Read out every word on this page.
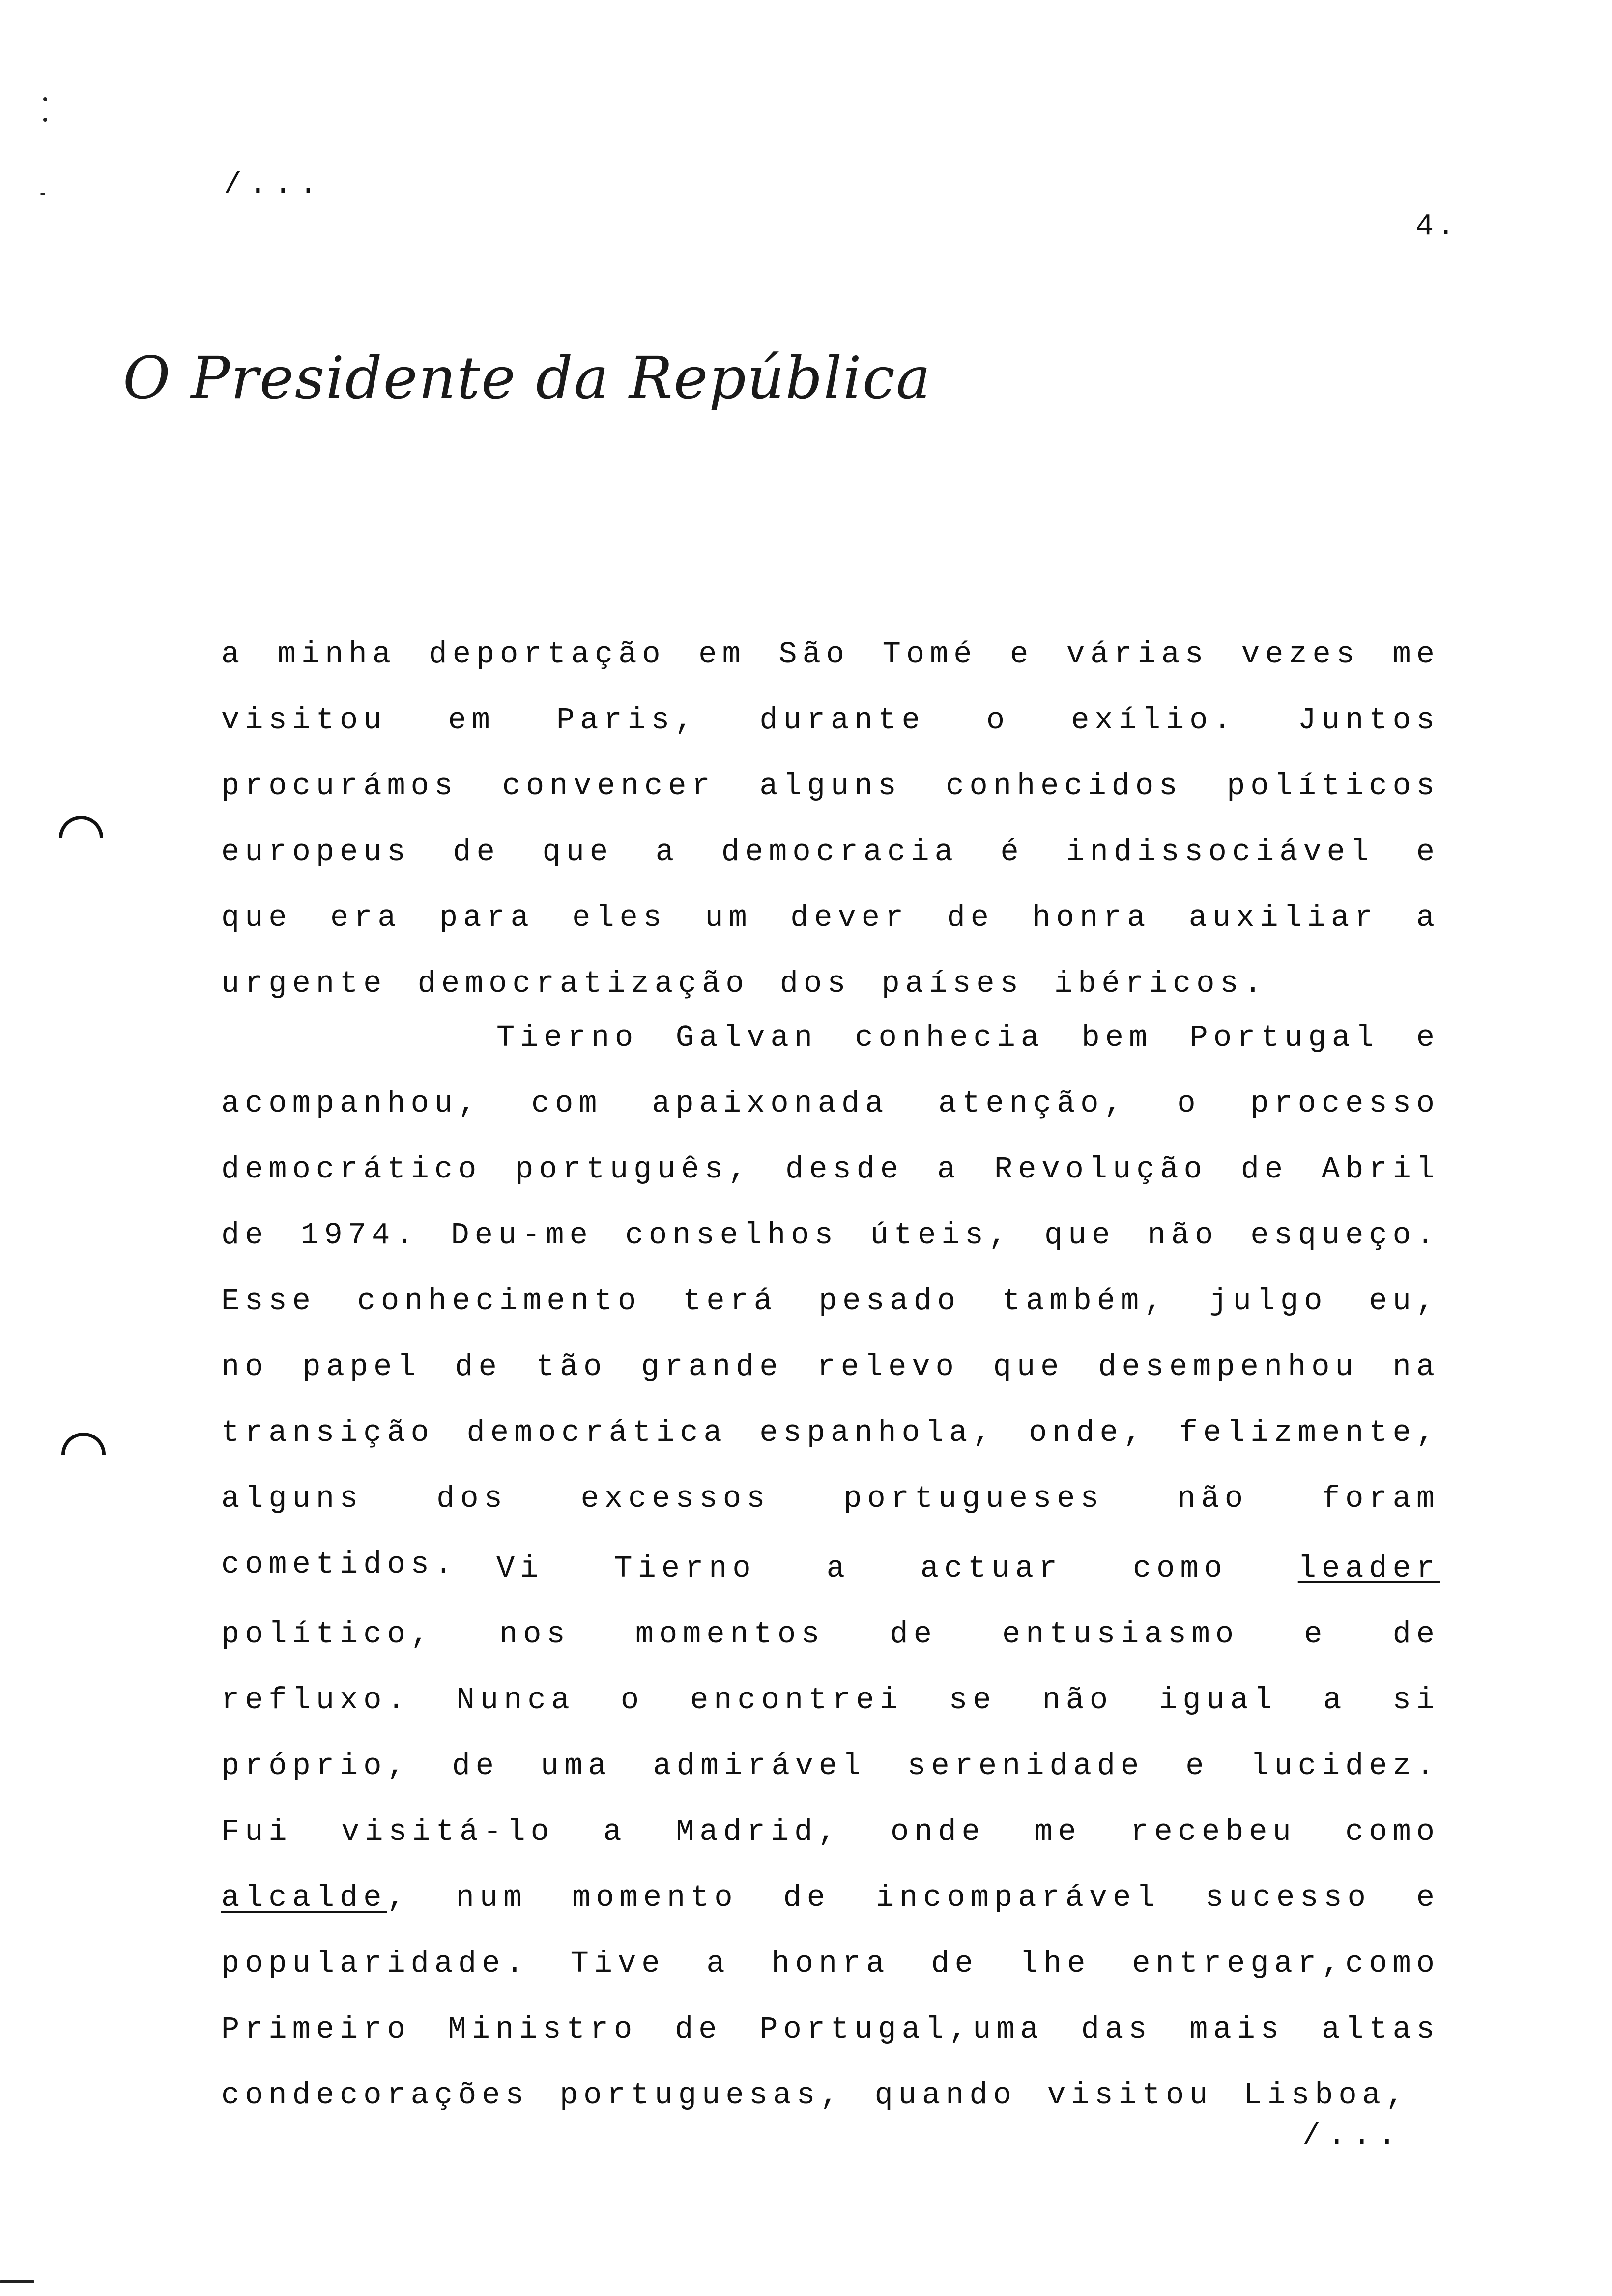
/...
4.
O Presidente da República

a minha deportação em São Tomé e várias vezes me visitou em Paris, durante o exílio. Juntos procurámos convencer alguns conhecidos políticos europeus de que a democracia é indissociável e que era para eles um dever de honra auxiliar a urgente democratização dos países ibéricos.

Tierno Galvan conhecia bem Portugal e acompanhou, com apaixonada atenção, o processo democrático português, desde a Revolução de Abril de 1974. Deu-me conselhos úteis, que não esqueço. Esse conhecimento terá pesado também, julgo eu, no papel de tão grande relevo que desempenhou na transição democrática espanhola, onde, felizmente, alguns dos excessos portugueses não foram cometidos.	Vi Tierno a actuar como leader político, nos momentos de entusiasmo e de refluxo. Nunca o encontrei se não igual a si próprio, de uma admirável serenidade e lucidez. Fui visitá-lo a Madrid, onde me recebeu como alcalde, num momento de incomparável sucesso e popularidade. Tive a honra de lhe entregar,como Primeiro Ministro de Portugal,uma das mais altas condecorações portuguesas, quando visitou Lisboa,

/...
